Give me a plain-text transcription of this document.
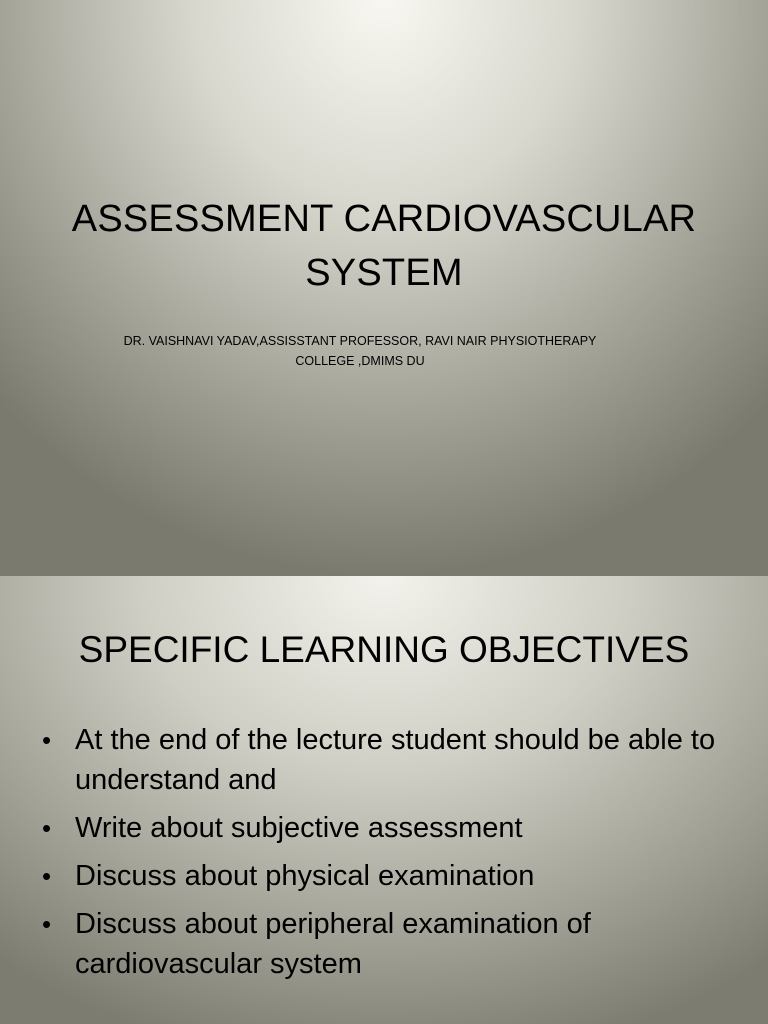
ASSESSMENT CARDIOVASCULAR
SYSTEM
DR. VAISHNAVI YADAV,ASSISSTANT PROFESSOR, RAVI NAIR PHYSIOTHERAPY
COLLEGE ,DMIMS DU
SPECIFIC LEARNING OBJECTIVES
• At the end of the lecture student should be able to understand and
• Write about subjective assessment
• Discuss about physical examination
• Discuss about peripheral examination of cardiovascular system
